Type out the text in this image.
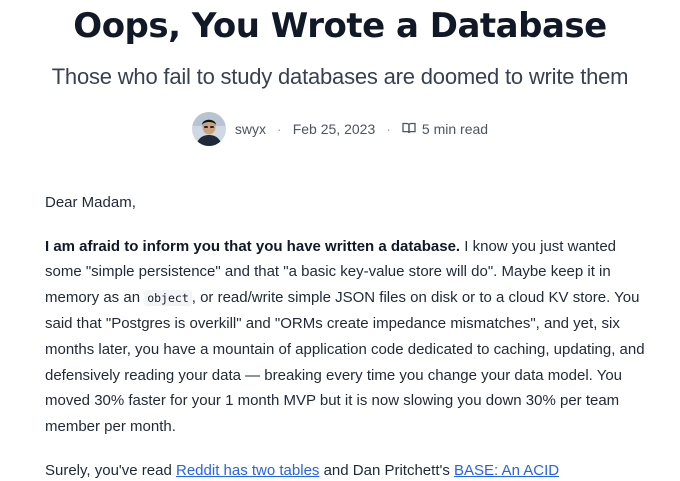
Oops, You Wrote a Database
Those who fail to study databases are doomed to write them
swyx · Feb 25, 2023 · 5 min read

Dear Madam,

I am afraid to inform you that you have written a database. I know you just wanted some "simple persistence" and that "a basic key-value store will do". Maybe keep it in memory as an object , or read/write simple JSON files on disk or to a cloud KV store. You said that "Postgres is overkill" and "ORMs create impedance mismatches", and yet, six months later, you have a mountain of application code dedicated to caching, updating, and defensively reading your data — breaking every time you change your data model. You moved 30% faster for your 1 month MVP but it is now slowing you down 30% per team member per month.

Surely, you've read Reddit has two tables and Dan Pritchett's BASE: An ACID
